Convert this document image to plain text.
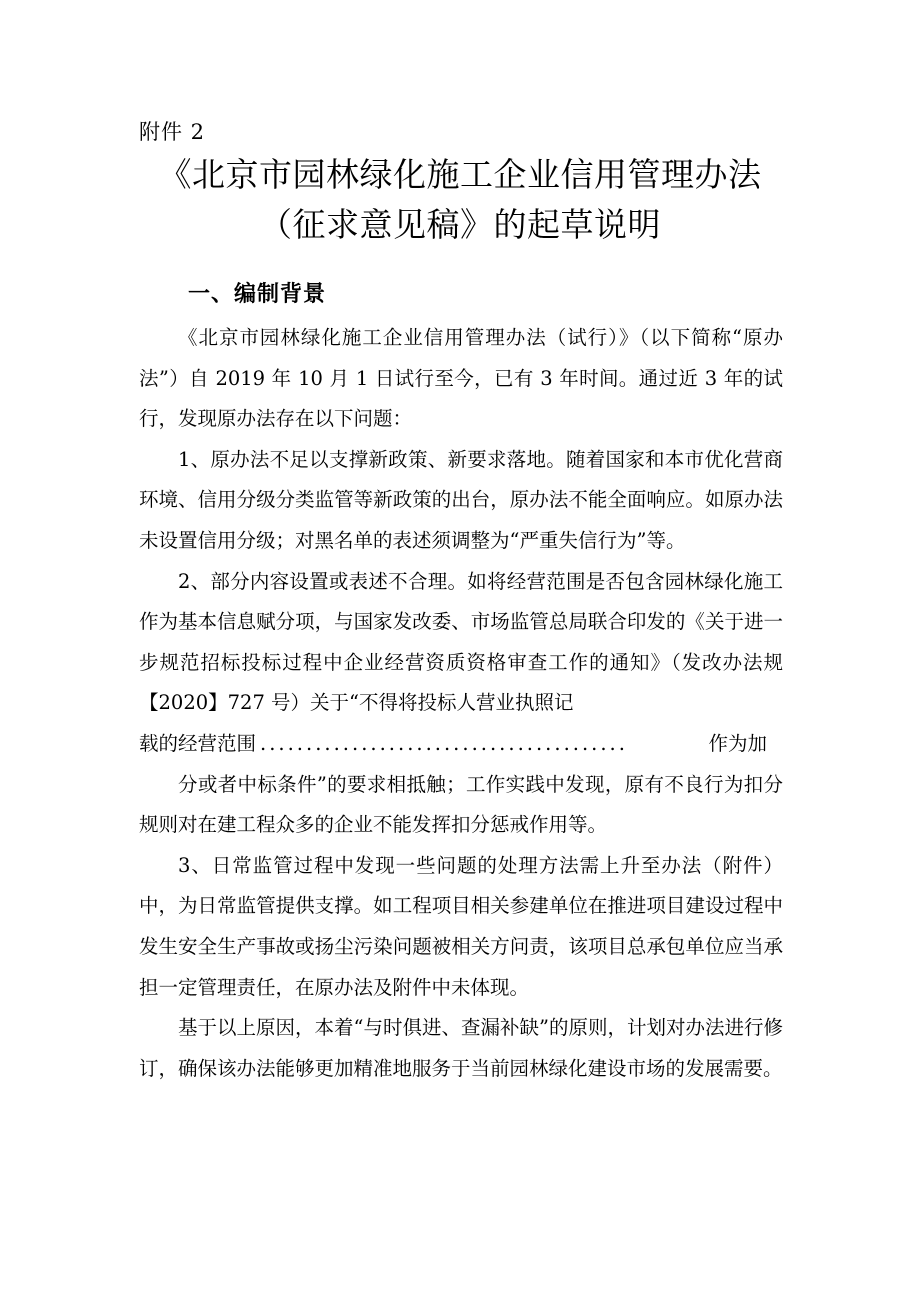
附件 2
《北京市园林绿化施工企业信用管理办法
（征求意见稿》的起草说明
一、编制背景

《北京市园林绿化施工企业信用管理办法（试行）》（以下简称“原办法”）自 2019 年 10 月 1 日试行至今，已有 3 年时间。通过近 3 年的试行，发现原办法存在以下问题：

1、原办法不足以支撑新政策、新要求落地。随着国家和本市优化营商环境、信用分级分类监管等新政策的出台，原办法不能全面响应。如原办法未设置信用分级；对黑名单的表述须调整为“严重失信行为”等。

2、部分内容设置或表述不合理。如将经营范围是否包含园林绿化施工作为基本信息赋分项，与国家发改委、市场监管总局联合印发的《关于进一步规范招标投标过程中企业经营资质资格审查工作的通知》（发改办法规【2020】727 号）关于“不得将投标人营业执照记

载的经营范围 ........................................	作为加

分或者中标条件”的要求相抵触；工作实践中发现，原有不良行为扣分规则对在建工程众多的企业不能发挥扣分惩戒作用等。

3、日常监管过程中发现一些问题的处理方法需上升至办法（附件）中，为日常监管提供支撑。如工程项目相关参建单位在推进项目建设过程中发生安全生产事故或扬尘污染问题被相关方问责，该项目总承包单位应当承担一定管理责任，在原办法及附件中未体现。

基于以上原因，本着“与时俱进、查漏补缺”的原则，计划对办法进行修订，确保该办法能够更加精准地服务于当前园林绿化建设市场的发展需要。
